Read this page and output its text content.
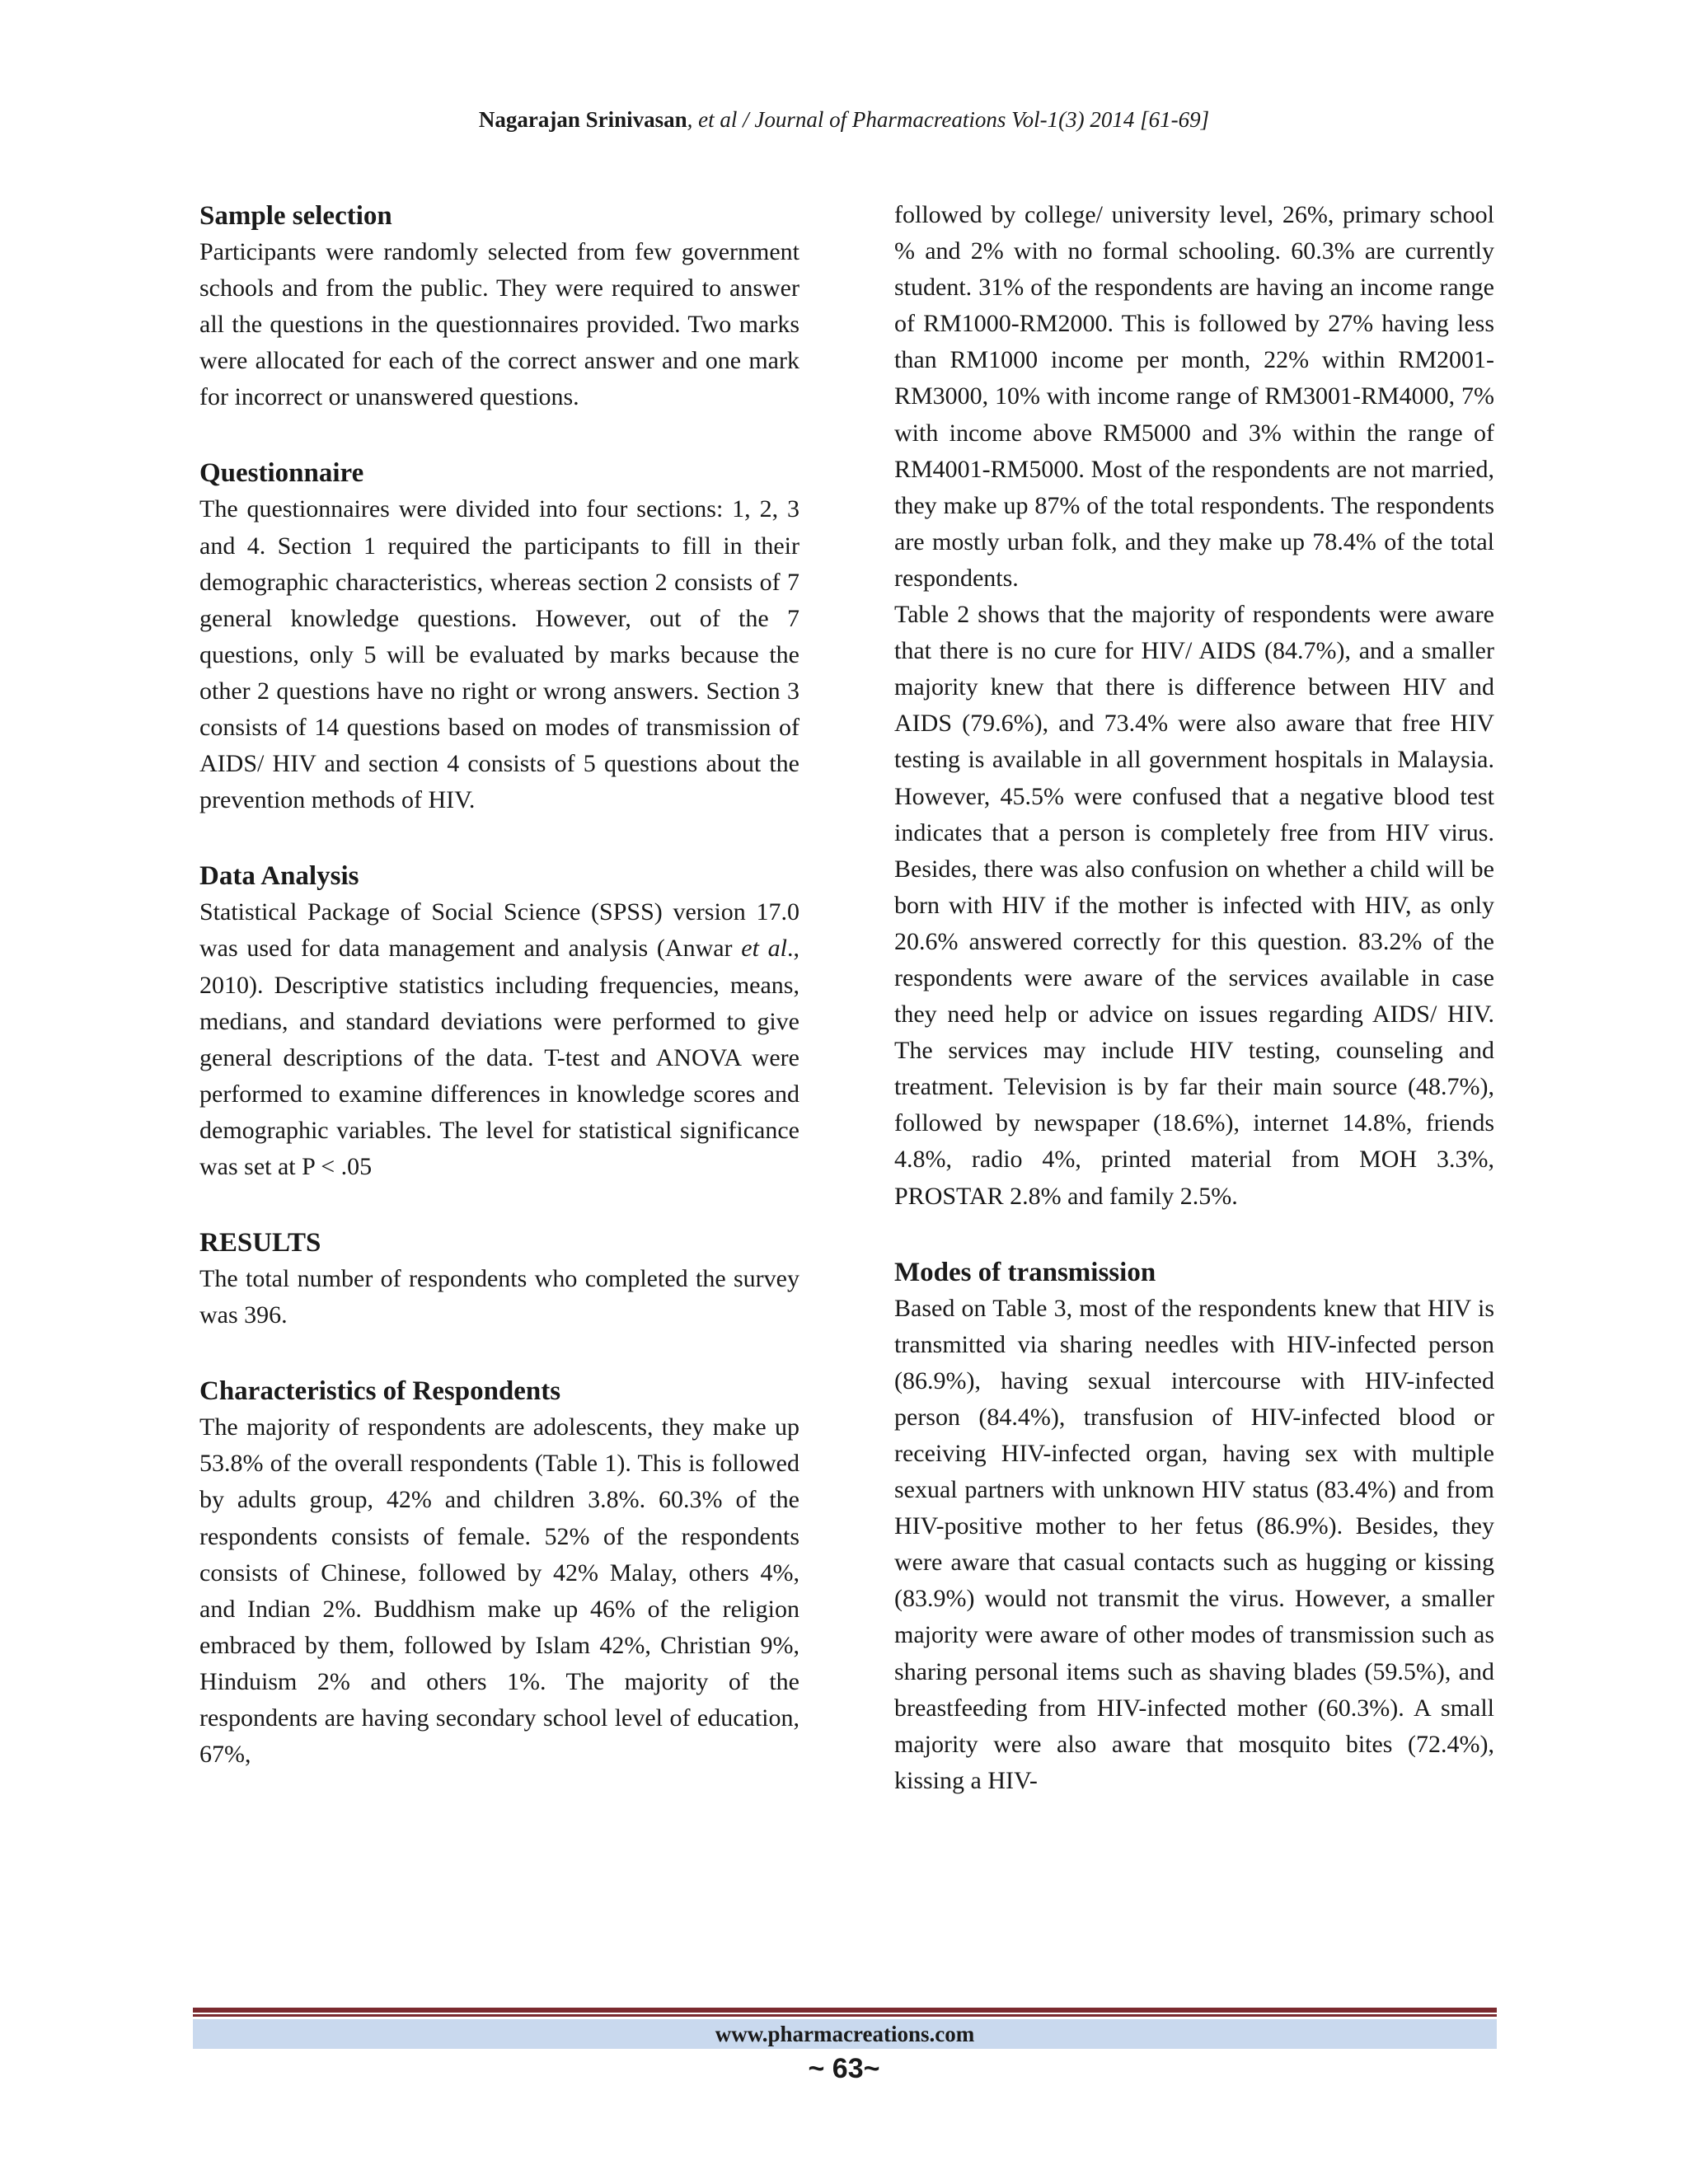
Nagarajan Srinivasan, et al / Journal of Pharmacreations Vol-1(3) 2014 [61-69]
Sample selection

Participants were randomly selected from few government schools and from the public. They were required to answer all the questions in the questionnaires provided. Two marks were allocated for each of the correct answer and one mark for incorrect or unanswered questions.

Questionnaire

The questionnaires were divided into four sections: 1, 2, 3 and 4. Section 1 required the participants to fill in their demographic characteristics, whereas section 2 consists of 7 general knowledge questions. However, out of the 7 questions, only 5 will be evaluated by marks because the other 2 questions have no right or wrong answers. Section 3 consists of 14 questions based on modes of transmission of AIDS/ HIV and section 4 consists of 5 questions about the prevention methods of HIV.

Data Analysis

Statistical Package of Social Science (SPSS) version 17.0 was used for data management and analysis (Anwar et al., 2010). Descriptive statistics including frequencies, means, medians, and standard deviations were performed to give general descriptions of the data. T-test and ANOVA were performed to examine differences in knowledge scores and demographic variables. The level for statistical significance was set at P < .05

RESULTS

The total number of respondents who completed the survey was 396.

Characteristics of Respondents

The majority of respondents are adolescents, they make up 53.8% of the overall respondents (Table 1). This is followed by adults group, 42% and children 3.8%. 60.3% of the respondents consists of female. 52% of the respondents consists of Chinese, followed by 42% Malay, others 4%, and Indian 2%. Buddhism make up 46% of the religion embraced by them, followed by Islam 42%, Christian 9%, Hinduism 2% and others 1%. The majority of the respondents are having secondary school level of education, 67%,

followed by college/ university level, 26%, primary school % and 2% with no formal schooling. 60.3% are currently student. 31% of the respondents are having an income range of RM1000-RM2000. This is followed by 27% having less than RM1000 income per month, 22% within RM2001-RM3000, 10% with income range of RM3001-RM4000, 7% with income above RM5000 and 3% within the range of RM4001-RM5000. Most of the respondents are not married, they make up 87% of the total respondents. The respondents are mostly urban folk, and they make up 78.4% of the total respondents.

Table 2 shows that the majority of respondents were aware that there is no cure for HIV/ AIDS (84.7%), and a smaller majority knew that there is difference between HIV and AIDS (79.6%), and 73.4% were also aware that free HIV testing is available in all government hospitals in Malaysia. However, 45.5% were confused that a negative blood test indicates that a person is completely free from HIV virus. Besides, there was also confusion on whether a child will be born with HIV if the mother is infected with HIV, as only 20.6% answered correctly for this question. 83.2% of the respondents were aware of the services available in case they need help or advice on issues regarding AIDS/ HIV. The services may include HIV testing, counseling and treatment. Television is by far their main source (48.7%), followed by newspaper (18.6%), internet 14.8%, friends 4.8%, radio 4%, printed material from MOH 3.3%, PROSTAR 2.8% and family 2.5%.

Modes of transmission

Based on Table 3, most of the respondents knew that HIV is transmitted via sharing needles with HIV-infected person (86.9%), having sexual intercourse with HIV-infected person (84.4%), transfusion of HIV-infected blood or receiving HIV-infected organ, having sex with multiple sexual partners with unknown HIV status (83.4%) and from HIV-positive mother to her fetus (86.9%). Besides, they were aware that casual contacts such as hugging or kissing (83.9%) would not transmit the virus. However, a smaller majority were aware of other modes of transmission such as sharing personal items such as shaving blades (59.5%), and breastfeeding from HIV-infected mother (60.3%). A small majority were also aware that mosquito bites (72.4%), kissing a HIV-

www.pharmacreations.com
~ 63~
